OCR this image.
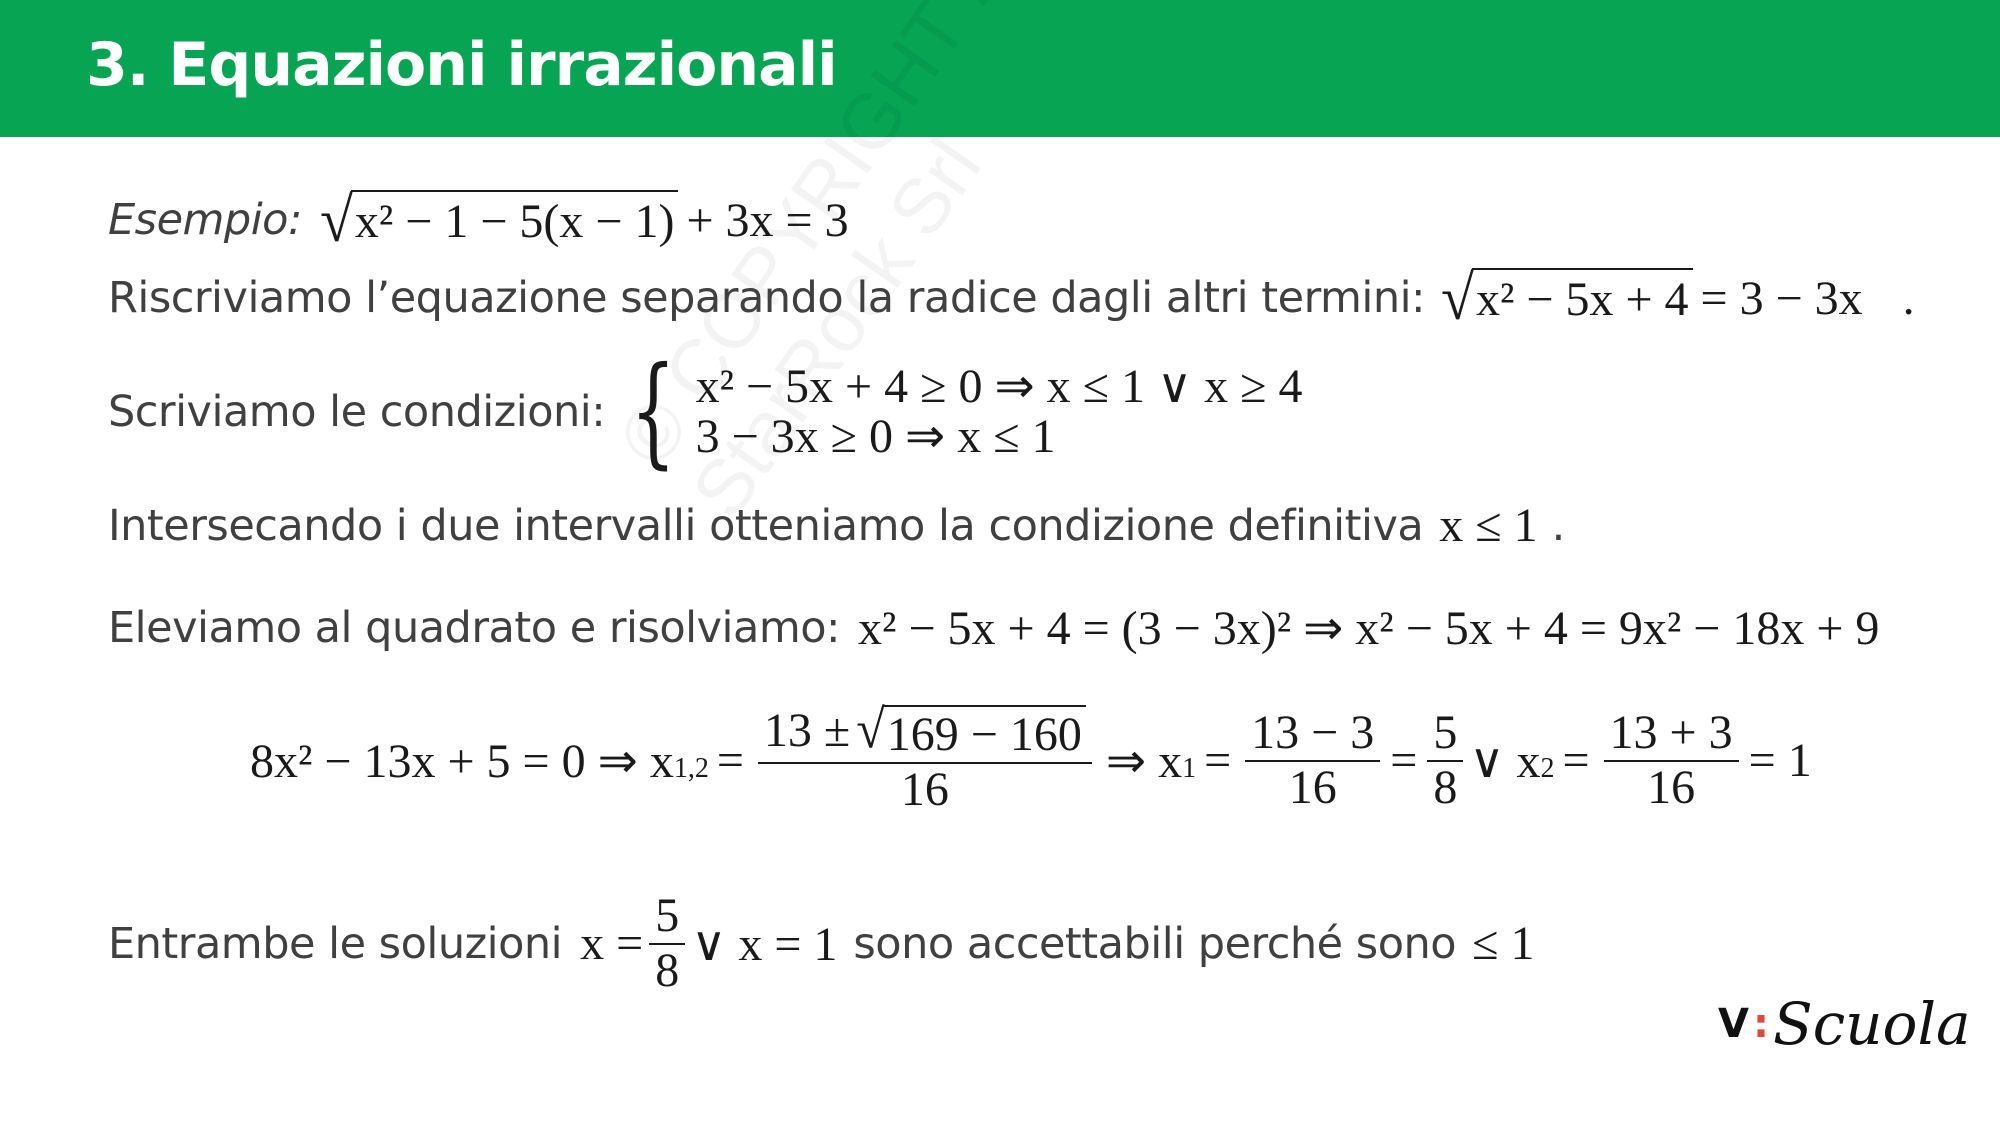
3. Equazioni irrazionali
Esempio: √ x² − 1 − 5(x − 1) + 3x = 3
Riscriviamo l’equazione separando la radice dagli altri termini: √ x² − 5x + 4 = 3 − 3x .
Scriviamo le condizioni: { x² − 5x + 4 ≥ 0 ⇒ x ≤ 1 ∨ x ≥ 4
3 − 3x ≥ 0 ⇒ x ≤ 1
Intersecando i due intervalli otteniamo la condizione definitiva x ≤ 1 .
Eleviamo al quadrato e risolviamo: x² − 5x + 4 = (3 − 3x)² ⇒ x² − 5x + 4 = 9x² − 18x + 9
8x² − 13x + 5 = 0 ⇒ $x_{1,2} = \frac{13 \pm √ 169 - 160}{16}$ ⇒ $x_1 = \frac{13 - 3}{16} = \frac{5}{8}$ ∨ $x_2 = \frac{13 + 3}{16} = 1$
Entrambe le soluzioni $x = \frac{5}{8}$ ∨ x = 1 sono accettabili perché sono ≤ 1
V : Scuola
